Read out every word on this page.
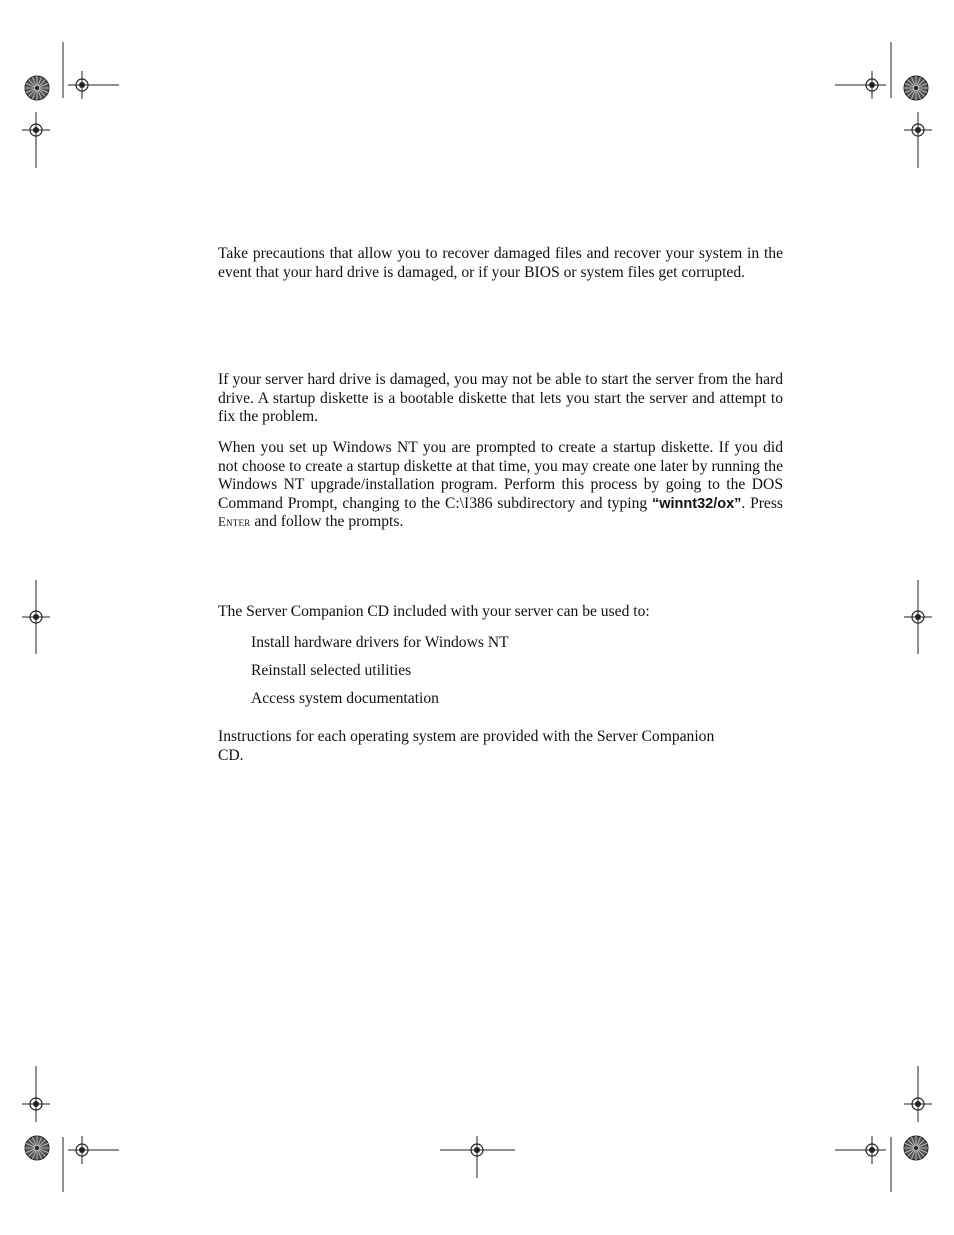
Take precautions that allow you to recover damaged files and recover your system in the event that your hard drive is damaged, or if your BIOS or system files get corrupted.

If your server hard drive is damaged, you may not be able to start the server from the hard drive. A startup diskette is a bootable diskette that lets you start the server and attempt to fix the problem.

When you set up Windows NT you are prompted to create a startup diskette. If you did not choose to create a startup diskette at that time, you may create one later by running the Windows NT upgrade/installation program. Perform this process by going to the DOS Command Prompt, changing to the C:\I386 subdirectory and typing “winnt32/ox”. Press Enter and follow the prompts.

The Server Companion CD included with your server can be used to:

Install hardware drivers for Windows NT
Reinstall selected utilities
Access system documentation

Instructions for each operating system are provided with the Server Companion CD.
